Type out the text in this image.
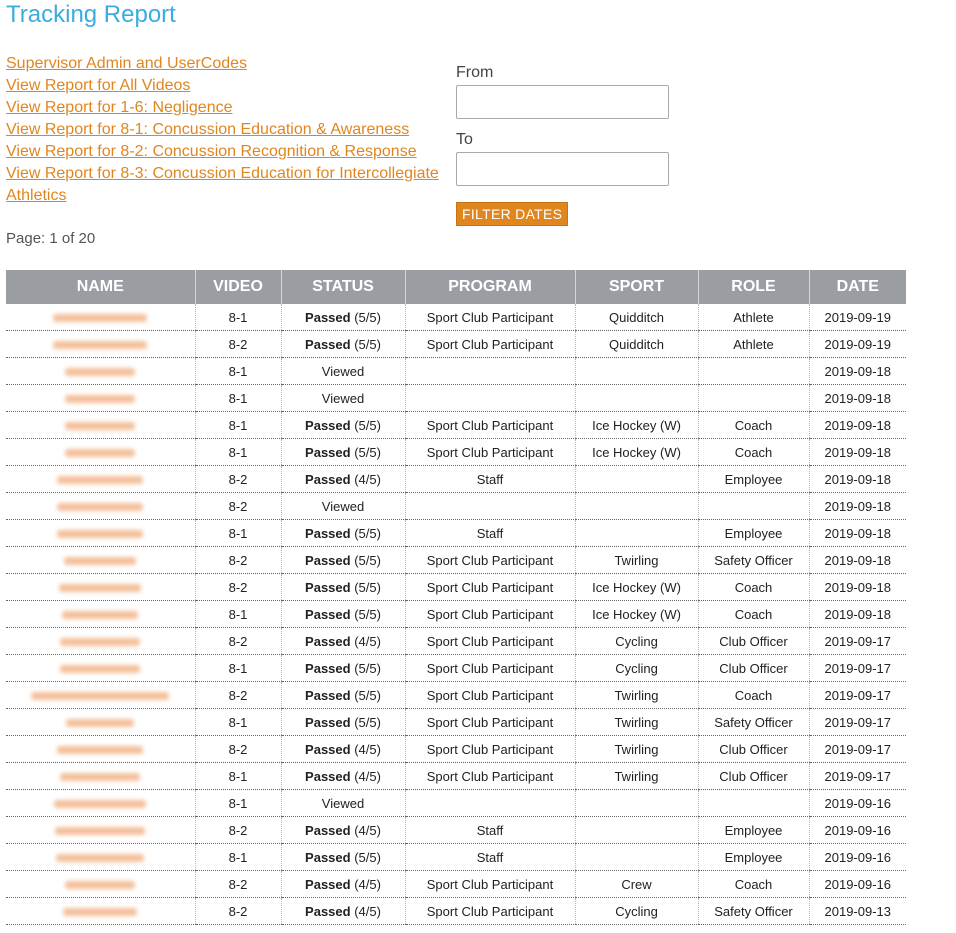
Tracking Report
Supervisor Admin and UserCodes
View Report for All Videos
View Report for 1-6: Negligence
View Report for 8-1: Concussion Education & Awareness
View Report for 8-2: Concussion Recognition & Response
View Report for 8-3: Concussion Education for Intercollegiate Athletics
From
To
FILTER DATES
Page: 1 of 20
NAME	VIDEO	STATUS	PROGRAM	SPORT	ROLE	DATE
	8-1	Passed (5/5)	Sport Club Participant	Quidditch	Athlete	2019-09-19
	8-2	Passed (5/5)	Sport Club Participant	Quidditch	Athlete	2019-09-19
	8-1	Viewed				2019-09-18
	8-1	Viewed				2019-09-18
	8-1	Passed (5/5)	Sport Club Participant	Ice Hockey (W)	Coach	2019-09-18
	8-1	Passed (5/5)	Sport Club Participant	Ice Hockey (W)	Coach	2019-09-18
	8-2	Passed (4/5)	Staff		Employee	2019-09-18
	8-2	Viewed				2019-09-18
	8-1	Passed (5/5)	Staff		Employee	2019-09-18
	8-2	Passed (5/5)	Sport Club Participant	Twirling	Safety Officer	2019-09-18
	8-2	Passed (5/5)	Sport Club Participant	Ice Hockey (W)	Coach	2019-09-18
	8-1	Passed (5/5)	Sport Club Participant	Ice Hockey (W)	Coach	2019-09-18
	8-2	Passed (4/5)	Sport Club Participant	Cycling	Club Officer	2019-09-17
	8-1	Passed (5/5)	Sport Club Participant	Cycling	Club Officer	2019-09-17
	8-2	Passed (5/5)	Sport Club Participant	Twirling	Coach	2019-09-17
	8-1	Passed (5/5)	Sport Club Participant	Twirling	Safety Officer	2019-09-17
	8-2	Passed (4/5)	Sport Club Participant	Twirling	Club Officer	2019-09-17
	8-1	Passed (4/5)	Sport Club Participant	Twirling	Club Officer	2019-09-17
	8-1	Viewed				2019-09-16
	8-2	Passed (4/5)	Staff		Employee	2019-09-16
	8-1	Passed (5/5)	Staff		Employee	2019-09-16
	8-2	Passed (4/5)	Sport Club Participant	Crew	Coach	2019-09-16
	8-2	Passed (4/5)	Sport Club Participant	Cycling	Safety Officer	2019-09-13
